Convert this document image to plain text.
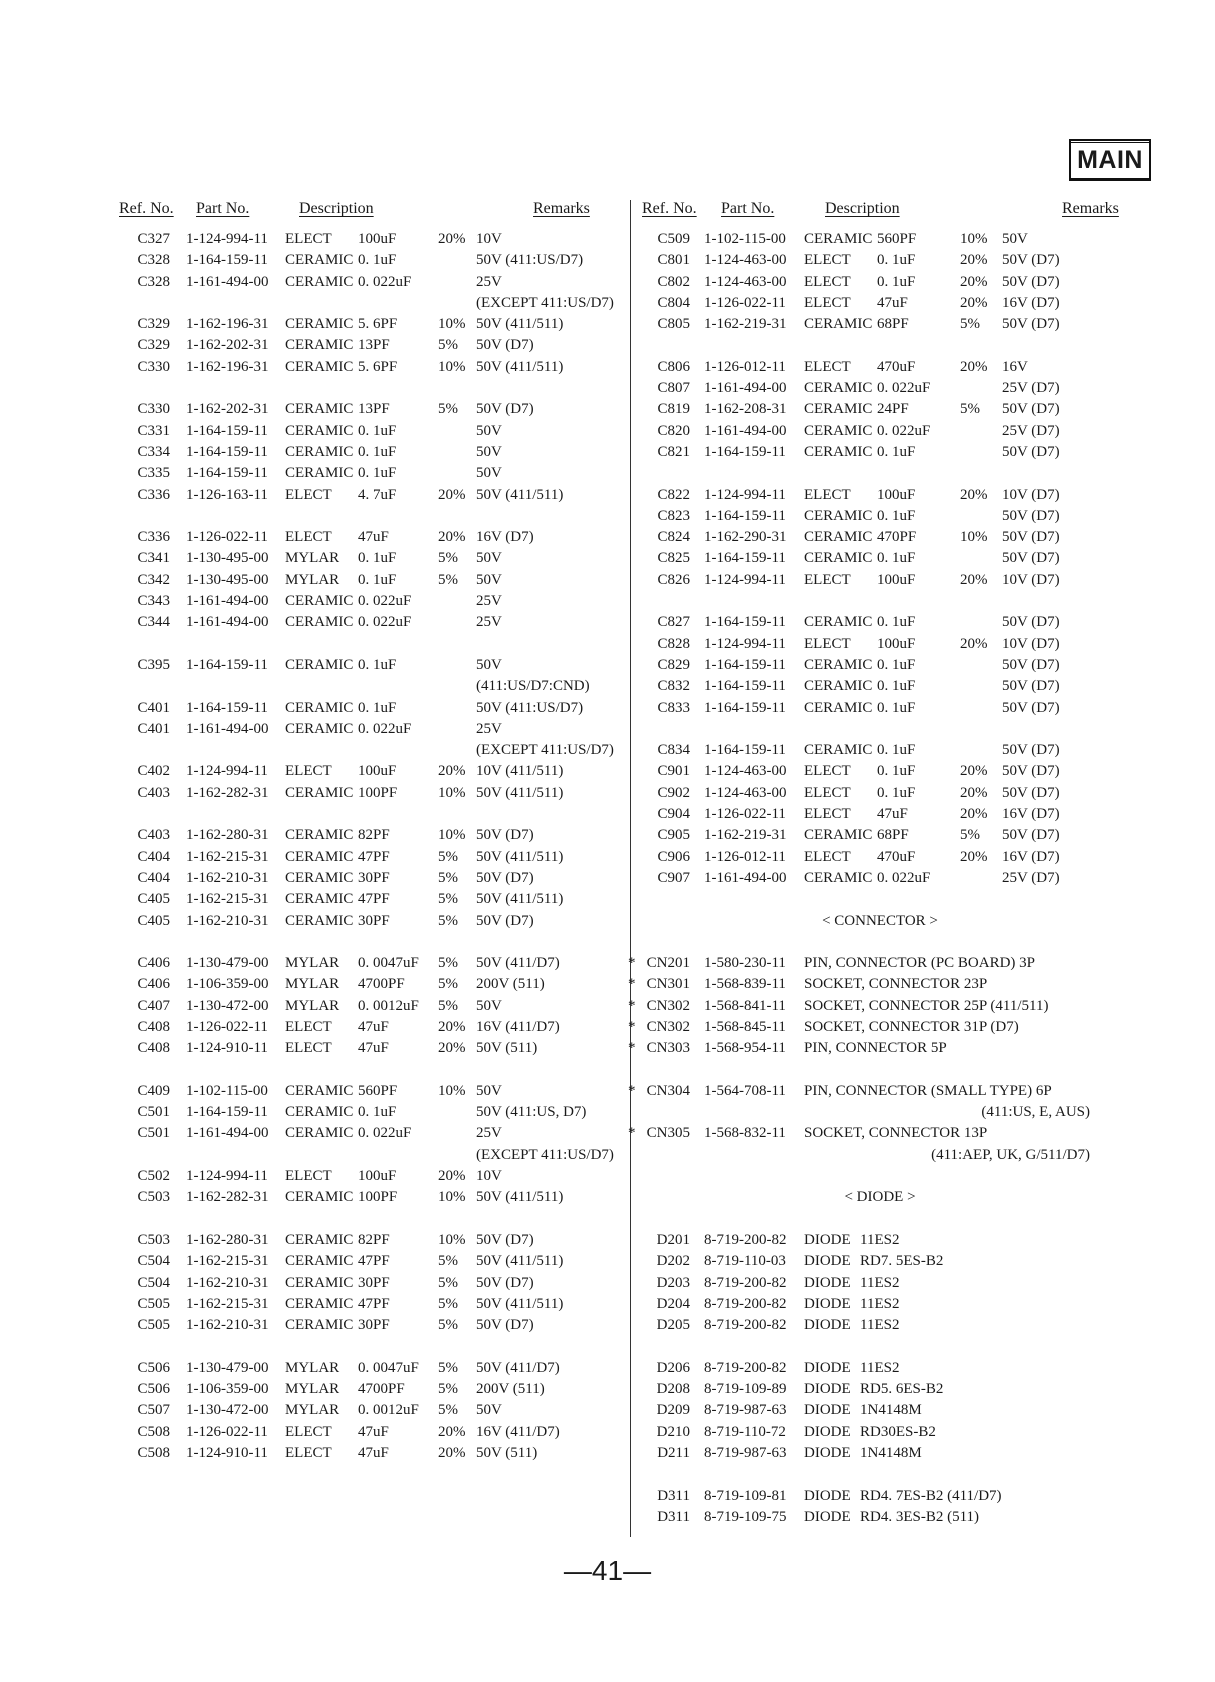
MAIN
Ref. No. Part No.	Description	Remarks	Ref. No. Part No.	Description	Remarks
C327 1-124-994-11 ELECT 100uF	20% 10V
C328 1-164-159-11 CERAMIC 0. 1uF	50V (411:US/D7)
C328 1-161-494-00 CERAMIC 0. 022uF	25V
(EXCEPT 411:US/D7)
C329 1-162-196-31 CERAMIC 5. 6PF	10% 50V (411/511)
C329 1-162-202-31 CERAMIC 13PF	5% 50V (D7)
C330 1-162-196-31 CERAMIC 5. 6PF	10% 50V (411/511)
C330 1-162-202-31 CERAMIC 13PF	5% 50V (D7)
C331 1-164-159-11 CERAMIC 0. 1uF	50V
C334 1-164-159-11 CERAMIC 0. 1uF	50V
C335 1-164-159-11 CERAMIC 0. 1uF	50V
C336 1-126-163-11 ELECT 4. 7uF	20% 50V (411/511)
C336 1-126-022-11 ELECT 47uF	20% 16V (D7)
C341 1-130-495-00 MYLAR 0. 1uF	5% 50V
C342 1-130-495-00 MYLAR 0. 1uF	5% 50V
C343 1-161-494-00 CERAMIC 0. 022uF	25V
C344 1-161-494-00 CERAMIC 0. 022uF	25V
C395 1-164-159-11 CERAMIC 0. 1uF	50V
(411:US/D7:CND)
C401 1-164-159-11 CERAMIC 0. 1uF	50V (411:US/D7)
C401 1-161-494-00 CERAMIC 0. 022uF	25V
(EXCEPT 411:US/D7)
C402 1-124-994-11 ELECT 100uF	20% 10V (411/511)
C403 1-162-282-31 CERAMIC 100PF	10% 50V (411/511)
C403 1-162-280-31 CERAMIC 82PF	10% 50V (D7)
C404 1-162-215-31 CERAMIC 47PF	5% 50V (411/511)
C404 1-162-210-31 CERAMIC 30PF	5% 50V (D7)
C405 1-162-215-31 CERAMIC 47PF	5% 50V (411/511)
C405 1-162-210-31 CERAMIC 30PF	5% 50V (D7)
C406 1-130-479-00 MYLAR 0. 0047uF 5% 50V (411/D7)
C406 1-106-359-00 MYLAR 4700PF 5% 200V (511)
C407 1-130-472-00 MYLAR 0. 0012uF 5% 50V
C408 1-126-022-11 ELECT 47uF	20% 16V (411/D7)
C408 1-124-910-11 ELECT 47uF	20% 50V (511)
C409 1-102-115-00 CERAMIC 560PF	10% 50V
C501 1-164-159-11 CERAMIC 0. 1uF	50V (411:US, D7)
C501 1-161-494-00 CERAMIC 0. 022uF	25V
(EXCEPT 411:US/D7)
C502 1-124-994-11 ELECT 100uF	20% 10V
C503 1-162-282-31 CERAMIC 100PF	10% 50V (411/511)
C503 1-162-280-31 CERAMIC 82PF	10% 50V (D7)
C504 1-162-215-31 CERAMIC 47PF	5% 50V (411/511)
C504 1-162-210-31 CERAMIC 30PF	5% 50V (D7)
C505 1-162-215-31 CERAMIC 47PF	5% 50V (411/511)
C505 1-162-210-31 CERAMIC 30PF	5% 50V (D7)
C506 1-130-479-00 MYLAR 0. 0047uF 5% 50V (411/D7)
C506 1-106-359-00 MYLAR 4700PF 5% 200V (511)
C507 1-130-472-00 MYLAR 0. 0012uF 5% 50V
C508 1-126-022-11 ELECT 47uF	20% 16V (411/D7)
C508 1-124-910-11 ELECT 47uF	20% 50V (511)
C509 1-102-115-00 CERAMIC 560PF	10% 50V
C801 1-124-463-00 ELECT 0. 1uF	20% 50V (D7)
C802 1-124-463-00 ELECT 0. 1uF	20% 50V (D7)
C804 1-126-022-11 ELECT 47uF	20% 16V (D7)
C805 1-162-219-31 CERAMIC 68PF	5% 50V (D7)
C806 1-126-012-11 ELECT 470uF	20% 16V
C807 1-161-494-00 CERAMIC 0. 022uF	25V (D7)
C819 1-162-208-31 CERAMIC 24PF	5% 50V (D7)
C820 1-161-494-00 CERAMIC 0. 022uF	25V (D7)
C821 1-164-159-11 CERAMIC 0. 1uF	50V (D7)
C822 1-124-994-11 ELECT 100uF	20% 10V (D7)
C823 1-164-159-11 CERAMIC 0. 1uF	50V (D7)
C824 1-162-290-31 CERAMIC 470PF	10% 50V (D7)
C825 1-164-159-11 CERAMIC 0. 1uF	50V (D7)
C826 1-124-994-11 ELECT 100uF	20% 10V (D7)
C827 1-164-159-11 CERAMIC 0. 1uF	50V (D7)
C828 1-124-994-11 ELECT 100uF	20% 10V (D7)
C829 1-164-159-11 CERAMIC 0. 1uF	50V (D7)
C832 1-164-159-11 CERAMIC 0. 1uF	50V (D7)
C833 1-164-159-11 CERAMIC 0. 1uF	50V (D7)
C834 1-164-159-11 CERAMIC 0. 1uF	50V (D7)
C901 1-124-463-00 ELECT 0. 1uF	20% 50V (D7)
C902 1-124-463-00 ELECT 0. 1uF	20% 50V (D7)
C904 1-126-022-11 ELECT 47uF	20% 16V (D7)
C905 1-162-219-31 CERAMIC 68PF	5% 50V (D7)
C906 1-126-012-11 ELECT 470uF	20% 16V (D7)
C907 1-161-494-00 CERAMIC 0. 022uF	25V (D7)
< CONNECTOR >
* CN201 1-580-230-11 PIN, CONNECTOR (PC BOARD) 3P
* CN301 1-568-839-11 SOCKET, CONNECTOR 23P
* CN302 1-568-841-11 SOCKET, CONNECTOR 25P (411/511)
* CN302 1-568-845-11 SOCKET, CONNECTOR 31P (D7)
* CN303 1-568-954-11 PIN, CONNECTOR 5P
* CN304 1-564-708-11 PIN, CONNECTOR (SMALL TYPE) 6P
(411:US, E, AUS)
* CN305 1-568-832-11 SOCKET, CONNECTOR 13P
(411:AEP, UK, G/511/D7)
< DIODE >
D201 8-719-200-82 DIODE 11ES2
D202 8-719-110-03 DIODE RD7. 5ES-B2
D203 8-719-200-82 DIODE 11ES2
D204 8-719-200-82 DIODE 11ES2
D205 8-719-200-82 DIODE 11ES2
D206 8-719-200-82 DIODE 11ES2
D208 8-719-109-89 DIODE RD5. 6ES-B2
D209 8-719-987-63 DIODE 1N4148M
D210 8-719-110-72 DIODE RD30ES-B2
D211 8-719-987-63 DIODE 1N4148M
D311 8-719-109-81 DIODE RD4. 7ES-B2 (411/D7)
D311 8-719-109-75 DIODE RD4. 3ES-B2 (511)
—41—
